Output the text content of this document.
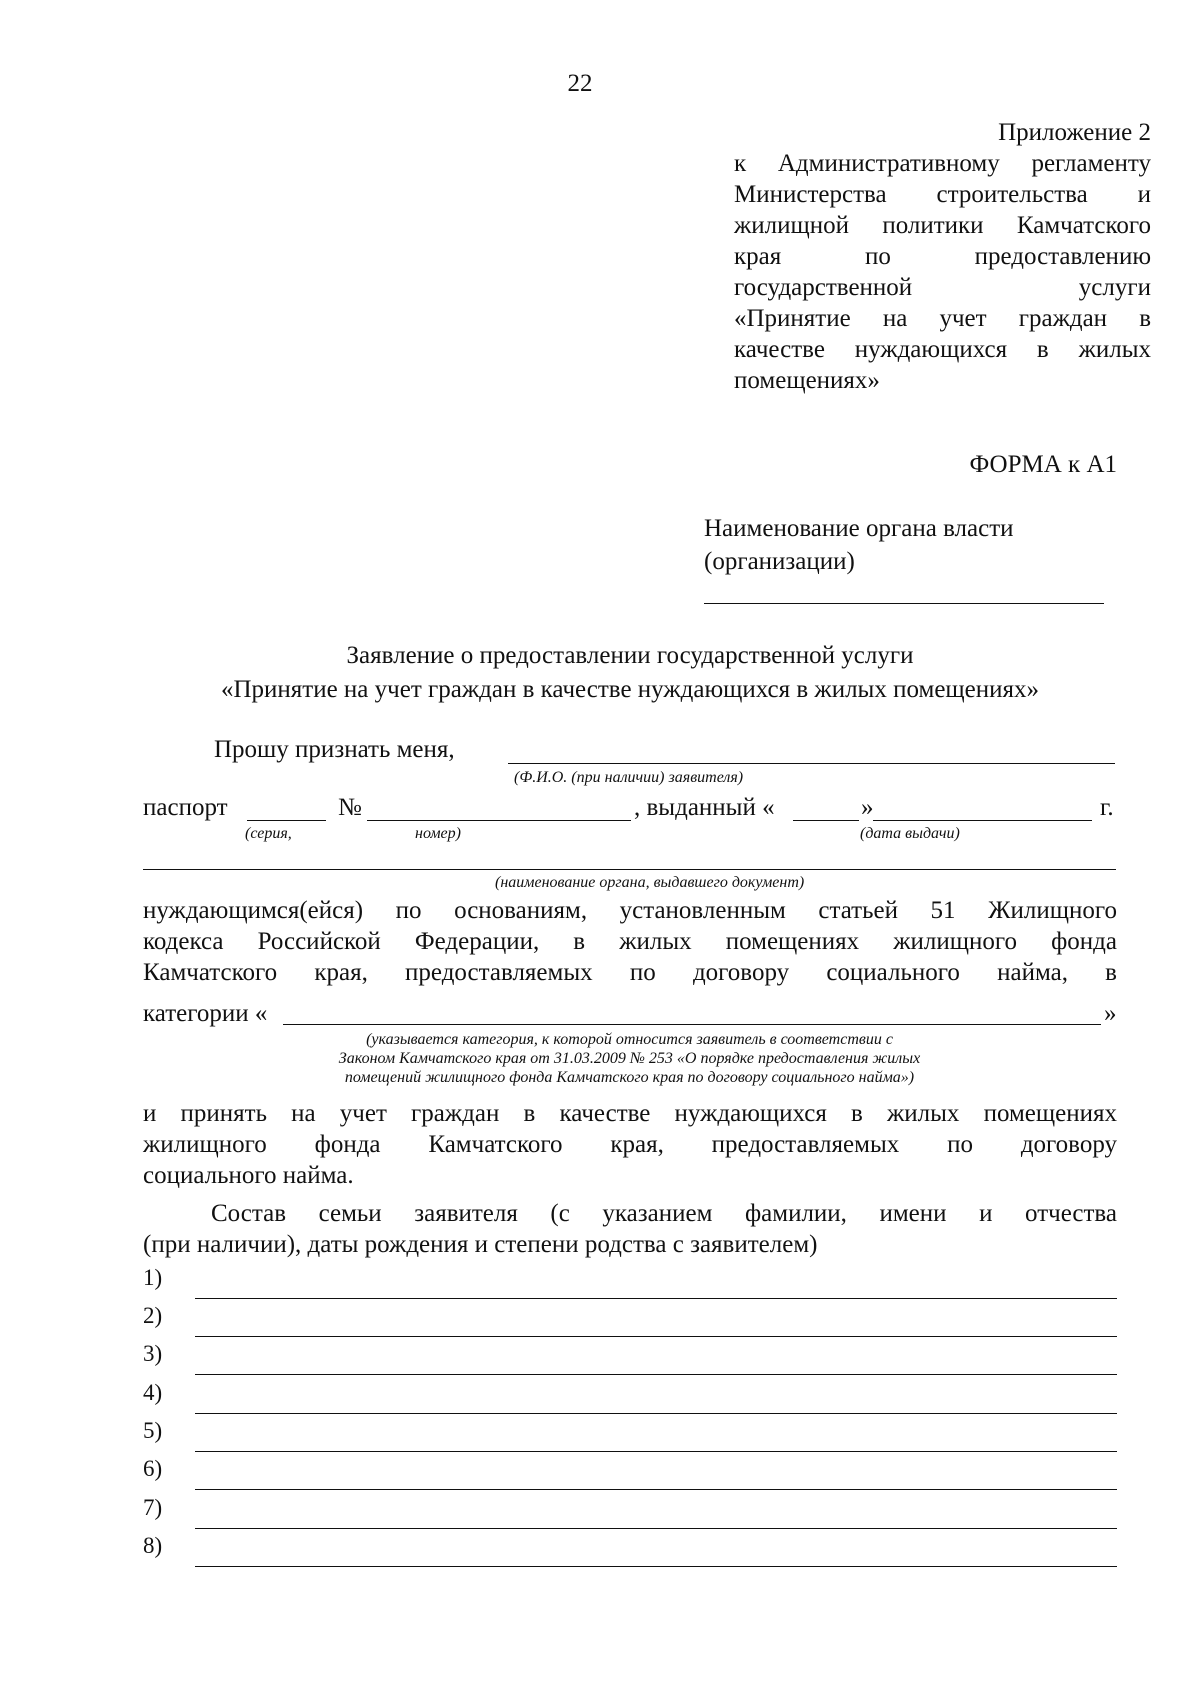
22
Приложение 2
к Административному регламенту
Министерства строительства и
жилищной политики Камчатского
края по предоставлению
государственной услуги
«Принятие на учет граждан в
качестве нуждающихся в жилых
помещениях»
ФОРМА к А1
Наименование органа власти
(организации)
Заявление о предоставлении государственной услуги
«Принятие на учет граждан в качестве нуждающихся в жилых помещениях»
Прошу признать меня,
(Ф.И.О. (при наличии) заявителя)
паспорт	№	, выданный «	»	г.
(серия,	номер)	(дата выдачи)
(наименование органа, выдавшего документ)
нуждающимся(ейся) по основаниям, установленным статьей 51 Жилищного
кодекса Российской Федерации, в жилых помещениях жилищного фонда
Камчатского края, предоставляемых по договору социального найма, в
категории «	»
(указывается категория, к которой относится заявитель в соответствии с
Законом Камчатского края от 31.03.2009 № 253 «О порядке предоставления жилых
помещений жилищного фонда Камчатского края по договору социального найма»)
и принять на учет граждан в качестве нуждающихся в жилых помещениях
жилищного фонда Камчатского края, предоставляемых по договору
социального найма.
Состав семьи заявителя (с указанием фамилии, имени и отчества
(при наличии), даты рождения и степени родства с заявителем)
1)
2)
3)
4)
5)
6)
7)
8)
